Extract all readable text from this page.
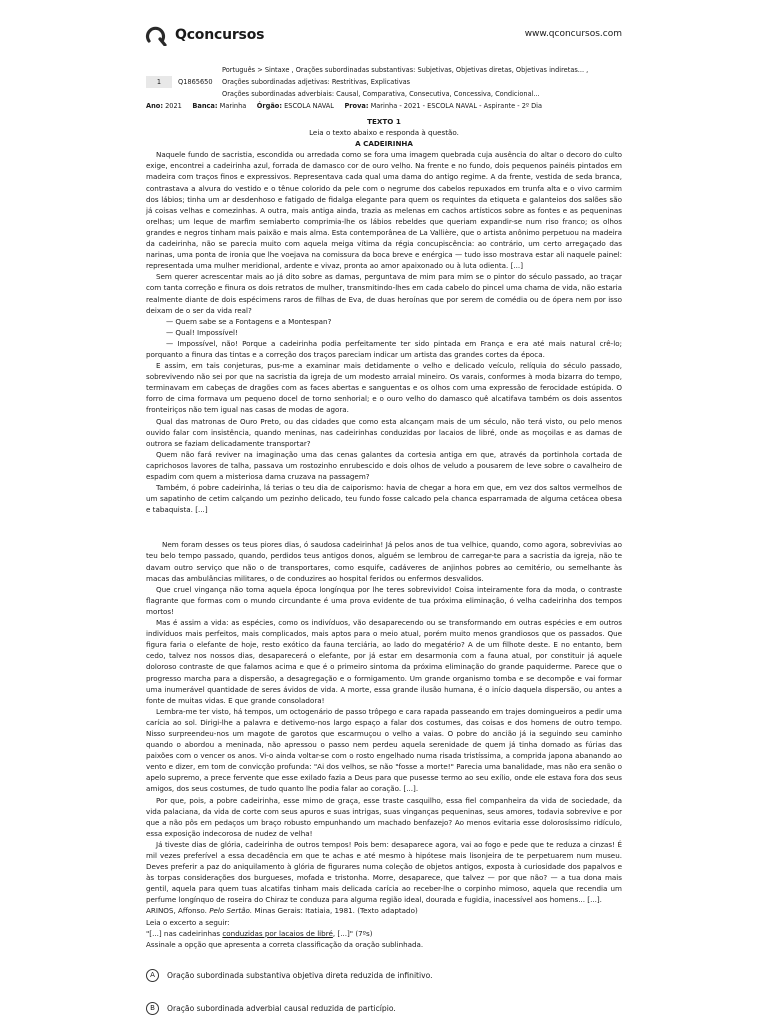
Qconcursos	www.qconcursos.com
Português > Sintaxe , Orações subordinadas substantivas: Subjetivas, Objetivas diretas, Objetivas indiretas... ,
1	Q1865650 Orações subordinadas adjetivas: Restritivas, Explicativas
Orações subordinadas adverbiais: Causal, Comparativa, Consecutiva, Concessiva, Condicional...
Ano: 2021 Banca: Marinha Órgão: ESCOLA NAVAL Prova: Marinha - 2021 - ESCOLA NAVAL - Aspirante - 2º Dia

TEXTO 1

Leia o texto abaixo e responda à questão.

A CADEIRINHA

Naquele fundo de sacristia, escondida ou arredada como se fora uma imagem quebrada cuja ausência do altar o decoro do culto exige, encontrei a cadeirinha azul, forrada de damasco cor de ouro velho. Na frente e no fundo, dois pequenos painéis pintados em madeira com traços finos e expressivos. Representava cada qual uma dama do antigo regime. A da frente, vestida de seda branca, contrastava a alvura do vestido e o tênue colorido da pele com o negrume dos cabelos repuxados em trunfa alta e o vivo carmim dos lábios; tinha um ar desdenhoso e fatigado de fidalga elegante para quem os requintes da etiqueta e galanteios dos salões são já coisas velhas e comezinhas. A outra, mais antiga ainda, trazia as melenas em cachos artísticos sobre as fontes e as pequeninas orelhas; um leque de marfim semiaberto comprimia-lhe os lábios rebeldes que queriam expandir-se num riso franco; os olhos grandes e negros tinham mais paixão e mais alma. Esta contemporânea de La Vallière, que o artista anônimo perpetuou na madeira da cadeirinha, não se parecia muito com aquela meiga vítima da régia concupiscência: ao contrário, um certo arregaçado das narinas, uma ponta de ironia que lhe voejava na comissura da boca breve e enérgica — tudo isso mostrava estar ali naquele painel: representada uma mulher meridional, ardente e vivaz, pronta ao amor apaixonado ou à luta odienta. [...]

Sem querer acrescentar mais ao já dito sobre as damas, perguntava de mim para mim se o pintor do século passado, ao traçar com tanta correção e finura os dois retratos de mulher, transmitindo-lhes em cada cabelo do pincel uma chama de vida, não estaria realmente diante de dois espécimens raros de filhas de Eva, de duas heroínas que por serem de comédia ou de ópera nem por isso deixam de o ser da vida real?

— Quem sabe se a Fontagens e a Montespan?

— Qual! Impossível!

— Impossível, não! Porque a cadeirinha podia perfeitamente ter sido pintada em França e era até mais natural crê-lo; porquanto a finura das tintas e a correção dos traços pareciam indicar um artista das grandes cortes da época.

E assim, em tais conjeturas, pus-me a examinar mais detidamente o velho e delicado veículo, relíquia do século passado, sobrevivendo não sei por que na sacristia da igreja de um modesto arraial mineiro. Os varais, conformes à moda bizarra do tempo, terminavam em cabeças de dragões com as faces abertas e sanguentas e os olhos com uma expressão de ferocidade estúpida. O forro de cima formava um pequeno docel de torno senhorial; e o ouro velho do damasco quê alcatifava também os dois assentos fronteiriços não tem igual nas casas de modas de agora.

Qual das matronas de Ouro Preto, ou das cidades que como esta alcançam mais de um século, não terá visto, ou pelo menos ouvido falar com insistência, quando meninas, nas cadeirinhas conduzidas por lacaios de libré, onde as moçoilas e as damas de outrora se faziam delicadamente transportar?

Quem não fará reviver na imaginação uma das cenas galantes da cortesia antiga em que, através da portinhola cortada de caprichosos lavores de talha, passava um rostozinho enrubescido e dois olhos de veludo a pousarem de leve sobre o cavalheiro de espadim com quem a misteriosa dama cruzava na passagem?

Também, ó pobre cadeirinha, lá terias o teu dia de caiporismo: havia de chegar a hora em que, em vez dos saltos vermelhos de um sapatinho de cetim calçando um pezinho delicado, teu fundo fosse calcado pela chanca esparramada de alguma cetácea obesa e tabaquista. [...]

Nem foram desses os teus piores dias, ó saudosa cadeirinha! Já pelos anos de tua velhice, quando, como agora, sobrevivias ao teu belo tempo passado, quando, perdidos teus antigos donos, alguém se lembrou de carregar-te para a sacristia da igreja, não te davam outro serviço que não o de transportares, como esquife, cadáveres de anjinhos pobres ao cemitério, ou semelhante às macas das ambulâncias militares, o de conduzires ao hospital feridos ou enfermos desvalidos.

Que cruel vingança não toma aquela época longínqua por lhe teres sobrevivido! Coisa inteiramente fora da moda, o contraste flagrante que formas com o mundo circundante é uma prova evidente de tua próxima eliminação, ó velha cadeirinha dos tempos mortos!

Mas é assim a vida: as espécies, como os indivíduos, vão desaparecendo ou se transformando em outras espécies e em outros indivíduos mais perfeitos, mais complicados, mais aptos para o meio atual, porém muito menos grandiosos que os passados. Que figura faria o elefante de hoje, resto exótico da fauna terciária, ao lado do megatério? A de um filhote deste. E no entanto, bem cedo, talvez nos nossos dias, desaparecerá o elefante, por já estar em desarmonia com a fauna atual, por constituir já aquele doloroso contraste de que falamos acima e que é o primeiro sintoma da próxima eliminação do grande paquiderme. Parece que o progresso marcha para a dispersão, a desagregação e o formigamento. Um grande organismo tomba e se decompõe e vai formar uma inumerável quantidade de seres ávidos de vida. A morte, essa grande ilusão humana, é o início daquela dispersão, ou antes a fonte de muitas vidas. E que grande consoladora!

Lembra-me ter visto, há tempos, um octogenário de passo trôpego e cara rapada passeando em trajes domingueiros a pedir uma carícia ao sol. Dirigi-lhe a palavra e detivemo-nos largo espaço a falar dos costumes, das coisas e dos homens de outro tempo. Nisso surpreendeu-nos um magote de garotos que escarmuçou o velho a vaias. O pobre do ancião já ia seguindo seu caminho quando o abordou a meninada, não apressou o passo nem perdeu aquela serenidade de quem já tinha domado as fúrias das paixões com o vencer os anos. Vi-o ainda voltar-se com o rosto engelhado numa risada tristíssima, a comprida japona abanando ao vento e dizer, em tom de convicção profunda: "Ai dos velhos, se não "fosse a morte!" Parecia uma banalidade, mas não era senão o apelo supremo, a prece fervente que esse exilado fazia a Deus para que pusesse termo ao seu exílio, onde ele estava fora dos seus amigos, dos seus costumes, de tudo quanto lhe podia falar ao coração. [...].

Por que, pois, a pobre cadeirinha, esse mimo de graça, esse traste casquilho, essa fiel companheira da vida de sociedade, da vida palaciana, da vida de corte com seus apuros e suas intrigas, suas vinganças pequeninas, seus amores, todavia sobrevive e por que a não pôs em pedaços um braço robusto empunhando um machado benfazejo? Ao menos evitaria esse dolorosíssimo ridículo, essa exposição indecorosa de nudez de velha!

Já tiveste dias de glória, cadeirinha de outros tempos! Pois bem: desaparece agora, vai ao fogo e pede que te reduza a cinzas! É mil vezes preferível a essa decadência em que te achas e até mesmo à hipótese mais lisonjeira de te perpetuarem num museu. Deves preferir a paz do aniquilamento à glória de figurares numa coleção de objetos antigos, exposta à curiosidade dos papalvos e às torpas considerações dos burgueses, mofada e tristonha. Morre, desaparece, que talvez — por que não? — a tua dona mais gentil, aquela para quem tuas alcatifas tinham mais delicada carícia ao receber-lhe o corpinho mimoso, aquela que recendia um perfume longínquo de roseira do Chiraz te conduza para alguma região ideal, dourada e fugidia, inacessível aos homens... [...].

ARINOS, Affonso. Pelo Sertão. Minas Gerais: Itatiaia, 1981. (Texto adaptado)

Leia o excerto a seguir:

"[...] nas cadeirinhas conduzidas por lacaios de libré, [...]" (7ºs)

Assinale a opção que apresenta a correta classificação da oração sublinhada.

A Oração subordinada substantiva objetiva direta reduzida de infinitivo.
B Oração subordinada adverbial causal reduzida de particípio.
